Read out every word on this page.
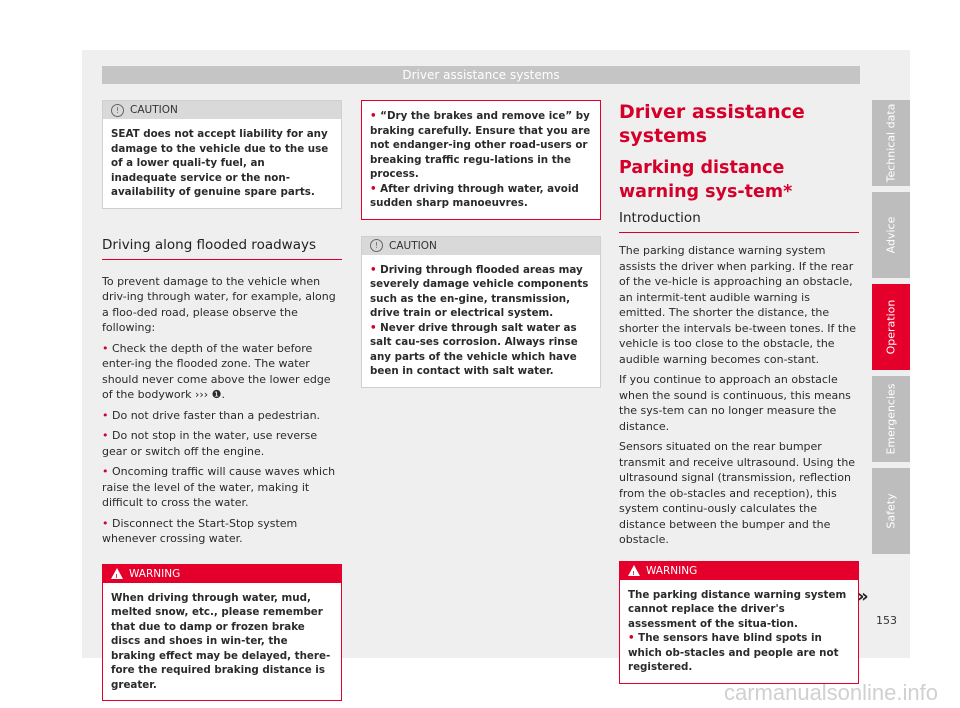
Driver assistance systems
!	CAUTION
SEAT does not accept liability for any damage to the vehicle due to the use of a lower quali-ty fuel, an inadequate service or the non-availability of genuine spare parts.
Driving along flooded roadways

To prevent damage to the vehicle when driv-ing through water, for example, along a floo-ded road, please observe the following:

• Check the depth of the water before enter-ing the flooded zone. The water should never come above the lower edge of the bodywork ››› ❶.

• Do not drive faster than a pedestrian.

• Do not stop in the water, use reverse gear or switch off the engine.

• Oncoming traffic will cause waves which raise the level of the water, making it difficult to cross the water.

• Disconnect the Start-Stop system whenever crossing water.

!
WARNING
When driving through water, mud, melted snow, etc., please remember that due to damp or frozen brake discs and shoes in win-ter, the braking effect may be delayed, there-fore the required braking distance is greater.

• “Dry the brakes and remove ice” by braking carefully. Ensure that you are not endanger-ing other road-users or breaking traffic regu-lations in the process.

• After driving through water, avoid sudden sharp manoeuvres.

!	CAUTION

• Driving through flooded areas may severely damage vehicle components such as the en-gine, transmission, drive train or electrical system.

• Never drive through salt water as salt cau-ses corrosion. Always rinse any parts of the vehicle which have been in contact with salt water.

Driver assistance systems
Parking distance warning sys-tem*
Introduction

The parking distance warning system assists the driver when parking. If the rear of the ve-hicle is approaching an obstacle, an intermit-tent audible warning is emitted. The shorter the distance, the shorter the intervals be-tween tones. If the vehicle is too close to the obstacle, the audible warning becomes con-stant.

If you continue to approach an obstacle when the sound is continuous, this means the sys-tem can no longer measure the distance.

Sensors situated on the rear bumper transmit and receive ultrasound. Using the ultrasound signal (transmission, reflection from the ob-stacles and reception), this system continu-ously calculates the distance between the bumper and the obstacle.

!
WARNING

The parking distance warning system cannot replace the driver's assessment of the situa-tion.

• The sensors have blind spots in which ob-stacles and people are not registered.

»
Technical data
Advice
Operation
Emergencies
Safety
153
carmanualsonline.info
